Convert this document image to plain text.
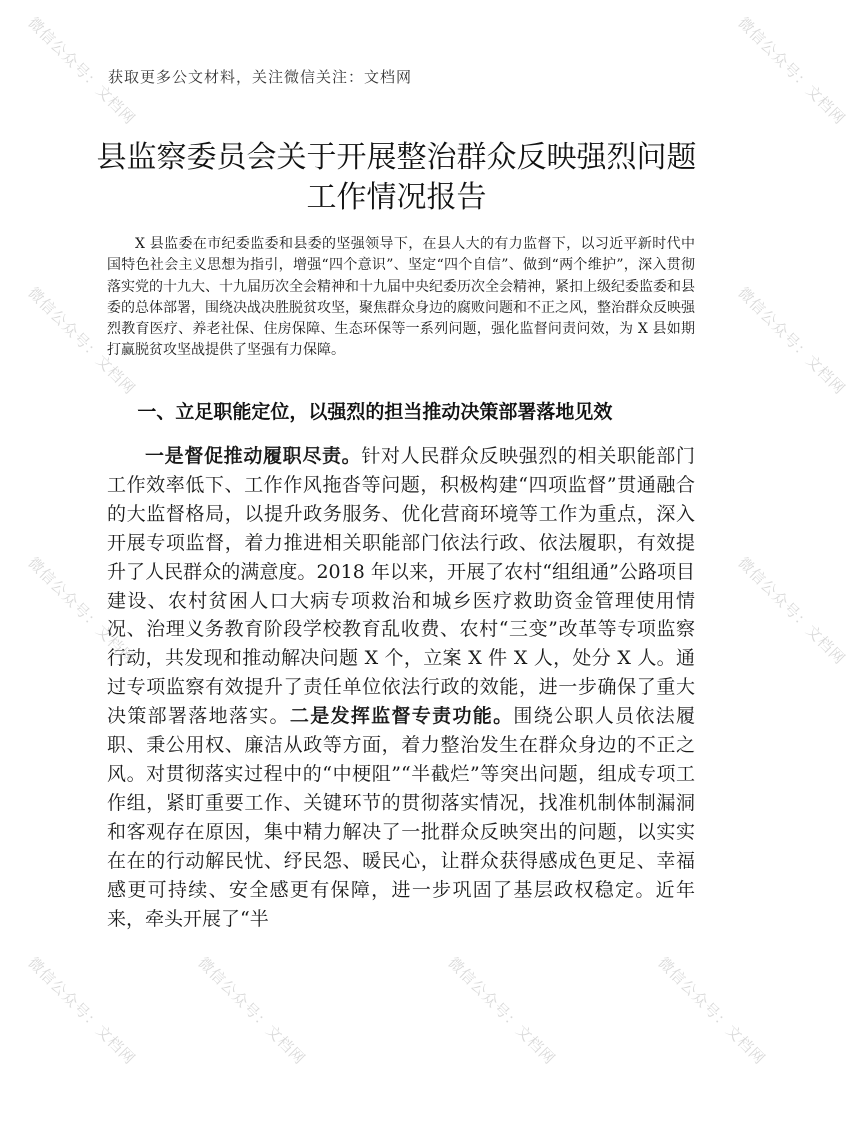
微信公众号：文档网	微信公众号：文档网
微信公众号：文档网	微信公众号：文档网
微信公众号：文档网	微信公众号：文档网
微信公众号：文档网	微信公众号：文档网	微信公众号：文档网	微信公众号：文档网
获取更多公文材料，关注微信关注：文档网
县监察委员会关于开展整治群众反映强烈问题工作情况报告

X 县监委在市纪委监委和县委的坚强领导下，在县人大的有力监督下，以习近平新时代中国特色社会主义思想为指引，增强“四个意识”、坚定“四个自信”、做到“两个维护”，深入贯彻落实党的十九大、十九届历次全会精神和十九届中央纪委历次全会精神，紧扣上级纪委监委和县委的总体部署，围绕决战决胜脱贫攻坚，聚焦群众身边的腐败问题和不正之风，整治群众反映强烈教育医疗、养老社保、住房保障、生态环保等一系列问题，强化监督问责问效，为 X 县如期打赢脱贫攻坚战提供了坚强有力保障。

一、立足职能定位，以强烈的担当推动决策部署落地见效

一是督促推动履职尽责。针对人民群众反映强烈的相关职能部门工作效率低下、工作作风拖沓等问题，积极构建“四项监督”贯通融合的大监督格局，以提升政务服务、优化营商环境等工作为重点，深入开展专项监督，着力推进相关职能部门依法行政、依法履职，有效提升了人民群众的满意度。2018 年以来，开展了农村“组组通”公路项目建设、农村贫困人口大病专项救治和城乡医疗救助资金管理使用情况、治理义务教育阶段学校教育乱收费、农村“三变”改革等专项监察行动，共发现和推动解决问题 X 个，立案 X 件 X 人，处分 X 人。通过专项监察有效提升了责任单位依法行政的效能，进一步确保了重大决策部署落地落实。二是发挥监督专责功能。围绕公职人员依法履职、秉公用权、廉洁从政等方面，着力整治发生在群众身边的不正之风。对贯彻落实过程中的“中梗阻”“半截烂”等突出问题，组成专项工作组，紧盯重要工作、关键环节的贯彻落实情况，找准机制体制漏洞和客观存在原因，集中精力解决了一批群众反映突出的问题，以实实在在的行动解民忧、纾民怨、暖民心，让群众获得感成色更足、幸福感更可持续、安全感更有保障，进一步巩固了基层政权稳定。近年来，牵头开展了“半
